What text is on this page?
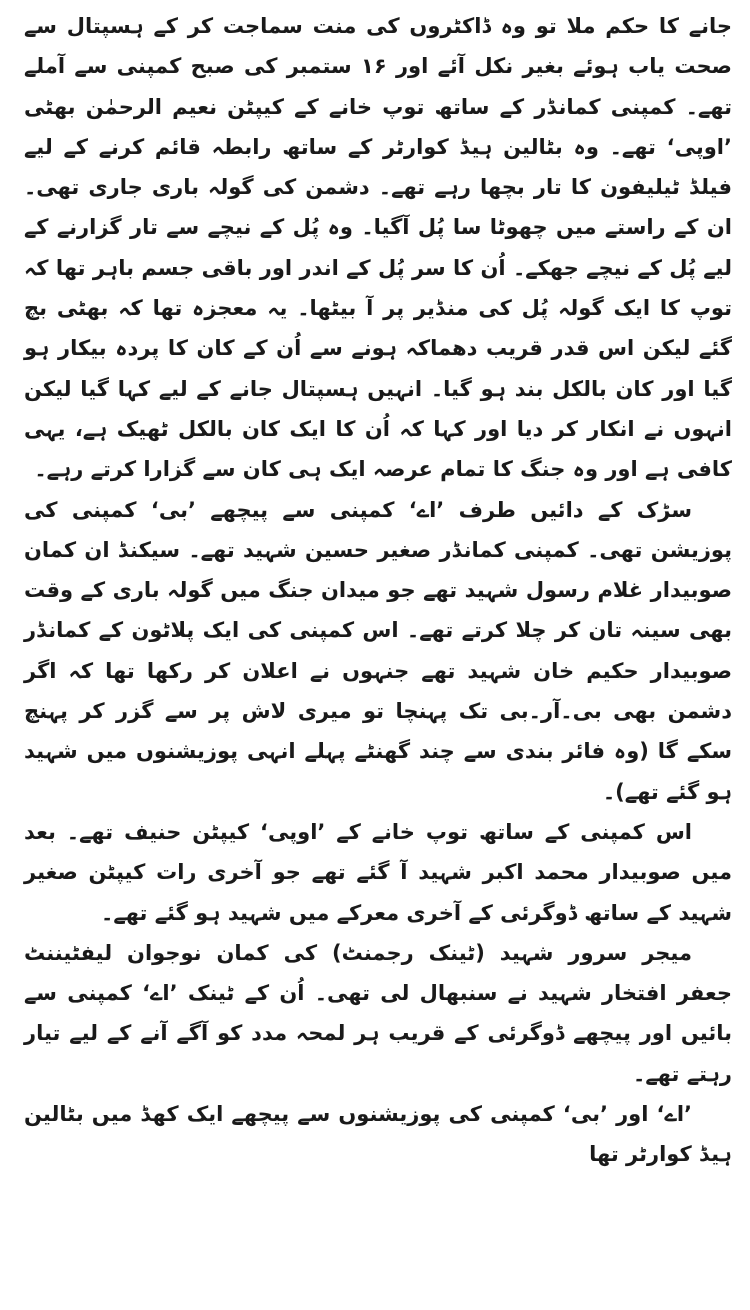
جانے کا حکم ملا تو وہ ڈاکٹروں کی منت سماجت کر کے ہسپتال سے صحت یاب ہوئے بغیر نکل آئے اور ۱۶ ستمبر کی صبح کمپنی سے آملے تھے۔ کمپنی کمانڈر کے ساتھ توپ خانے کے کیپٹن نعیم الرحمٰن بھٹی ’اوپی‘ تھے۔ وہ بٹالین ہیڈ کوارٹر کے ساتھ رابطہ قائم کرنے کے لیے فیلڈ ٹیلیفون کا تار بچھا رہے تھے۔ دشمن کی گولہ باری جاری تھی۔ ان کے راستے میں چھوٹا سا پُل آگیا۔ وہ پُل کے نیچے سے تار گزارنے کے لیے پُل کے نیچے جھکے۔ اُن کا سر پُل کے اندر اور باقی جسم باہر تھا کہ توپ کا ایک گولہ پُل کی منڈیر پر آ بیٹھا۔ یہ معجزہ تھا کہ بھٹی بچ گئے لیکن اس قدر قریب دھماکہ ہونے سے اُن کے کان کا پردہ بیکار ہو گیا اور کان بالکل بند ہو گیا۔ انہیں ہسپتال جانے کے لیے کہا گیا لیکن انہوں نے انکار کر دیا اور کہا کہ اُن کا ایک کان بالکل ٹھیک ہے، یہی کافی ہے اور وہ جنگ کا تمام عرصہ ایک ہی کان سے گزارا کرتے رہے۔

سڑک کے دائیں طرف ’اے‘ کمپنی سے پیچھے ’بی‘ کمپنی کی پوزیشن تھی۔ کمپنی کمانڈر صغیر حسین شہید تھے۔ سیکنڈ ان کمان صوبیدار غلام رسول شہید تھے جو میدان جنگ میں گولہ باری کے وقت بھی سینہ تان کر چلا کرتے تھے۔ اس کمپنی کی ایک پلاٹون کے کمانڈر صوبیدار حکیم خان شہید تھے جنہوں نے اعلان کر رکھا تھا کہ اگر دشمن بھی بی۔آر۔بی تک پہنچا تو میری لاش پر سے گزر کر پہنچ سکے گا (وہ فائر بندی سے چند گھنٹے پہلے انہی پوزیشنوں میں شہید ہو گئے تھے)۔

اس کمپنی کے ساتھ توپ خانے کے ’اوپی‘ کیپٹن حنیف تھے۔ بعد میں صوبیدار محمد اکبر شہید آ گئے تھے جو آخری رات کیپٹن صغیر شہید کے ساتھ ڈوگرئی کے آخری معرکے میں شہید ہو گئے تھے۔

میجر سرور شہید (ٹینک رجمنٹ) کی کمان نوجوان لیفٹیننٹ جعفر افتخار شہید نے سنبھال لی تھی۔ اُن کے ٹینک ’اے‘ کمپنی سے بائیں اور پیچھے ڈوگرئی کے قریب ہر لمحہ مدد کو آگے آنے کے لیے تیار رہتے تھے۔

’اے‘ اور ’بی‘ کمپنی کی پوزیشنوں سے پیچھے ایک کھڈ میں بٹالین ہیڈ کوارٹر تھا
